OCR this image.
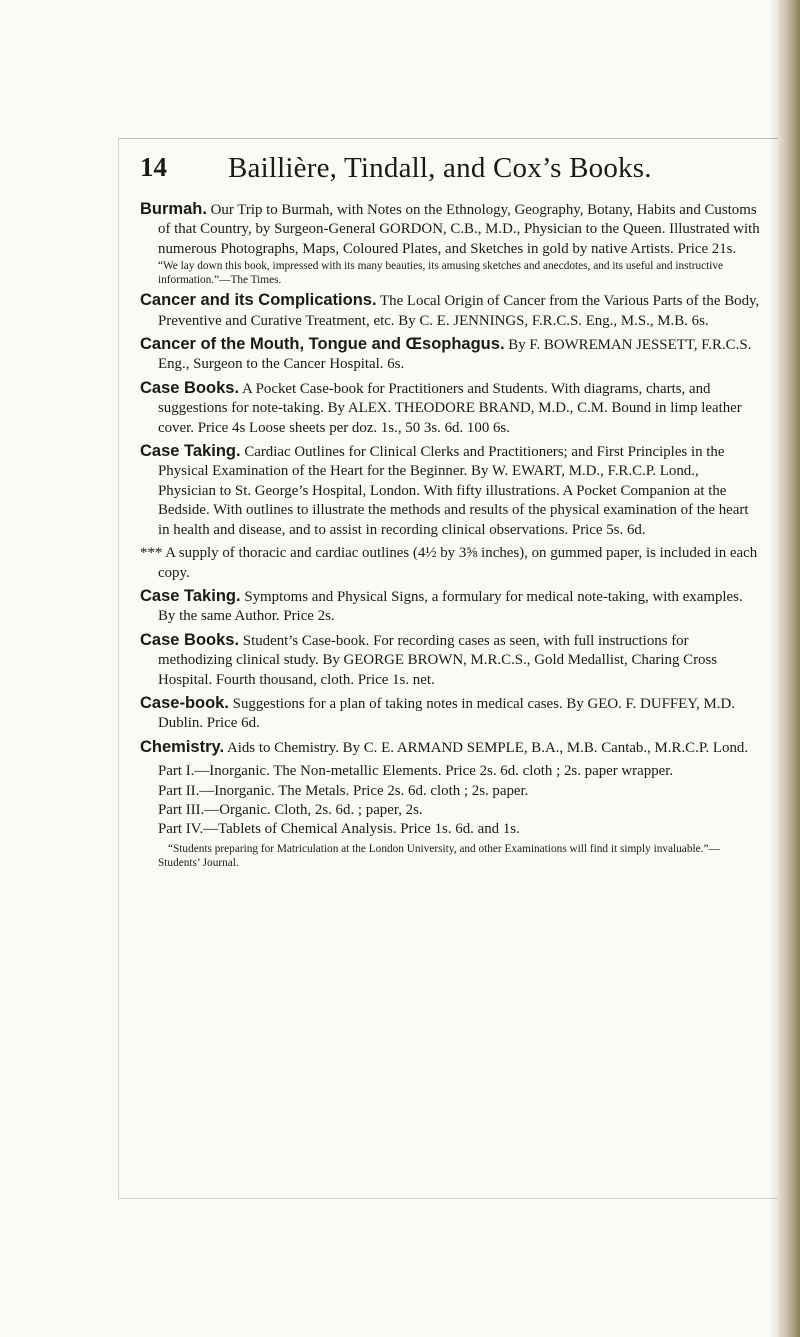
14 Baillière, Tindall, and Cox’s Books.

Burmah. Our Trip to Burmah, with Notes on the Ethnology, Geography, Botany, Habits and Customs of that Country, by Surgeon-General GORDON, C.B., M.D., Physician to the Queen. Illustrated with numerous Photographs, Maps, Coloured Plates, and Sketches in gold by native Artists. Price 21s.
“We lay down this book, impressed with its many beauties, its amusing sketches and anecdotes, and its useful and instructive information.”—The Times.

Cancer and its Complications. The Local Origin of Cancer from the Various Parts of the Body, Preventive and Curative Treatment, etc. By C. E. JENNINGS, F.R.C.S. Eng., M.S., M.B. 6s.

Cancer of the Mouth, Tongue and Œsophagus. By F. BOWREMAN JESSETT, F.R.C.S. Eng., Surgeon to the Cancer Hospital. 6s.

Case Books. A Pocket Case-book for Practitioners and Students. With diagrams, charts, and suggestions for note-taking. By ALEX. THEODORE BRAND, M.D., C.M. Bound in limp leather cover. Price 4s Loose sheets per doz. 1s., 50 3s. 6d. 100 6s.

Case Taking. Cardiac Outlines for Clinical Clerks and Practitioners; and First Principles in the Physical Examination of the Heart for the Beginner. By W. EWART, M.D., F.R.C.P. Lond., Physician to St. George’s Hospital, London. With fifty illustrations. A Pocket Companion at the Bedside. With outlines to illustrate the methods and results of the physical examination of the heart in health and disease, and to assist in recording clinical observations. Price 5s. 6d.

*** A supply of thoracic and cardiac outlines (4½ by 3⅝ inches), on gummed paper, is included in each copy.

Case Taking. Symptoms and Physical Signs, a formulary for medical note-taking, with examples. By the same Author. Price 2s.

Case Books. Student’s Case-book. For recording cases as seen, with full instructions for methodizing clinical study. By GEORGE BROWN, M.R.C.S., Gold Medallist, Charing Cross Hospital. Fourth thousand, cloth. Price 1s. net.

Case-book. Suggestions for a plan of taking notes in medical cases. By GEO. F. DUFFEY, M.D. Dublin. Price 6d.

Chemistry. Aids to Chemistry. By C. E. ARMAND SEMPLE, B.A., M.B. Cantab., M.R.C.P. Lond.

Part I.—Inorganic. The Non-metallic Elements. Price 2s. 6d. cloth ; 2s. paper wrapper.

Part II.—Inorganic. The Metals. Price 2s. 6d. cloth ; 2s. paper.

Part III.—Organic. Cloth, 2s. 6d. ; paper, 2s.

Part IV.—Tablets of Chemical Analysis. Price 1s. 6d. and 1s.

“Students preparing for Matriculation at the London University, and other Examinations will find it simply invaluable.”—Students’ Journal.
